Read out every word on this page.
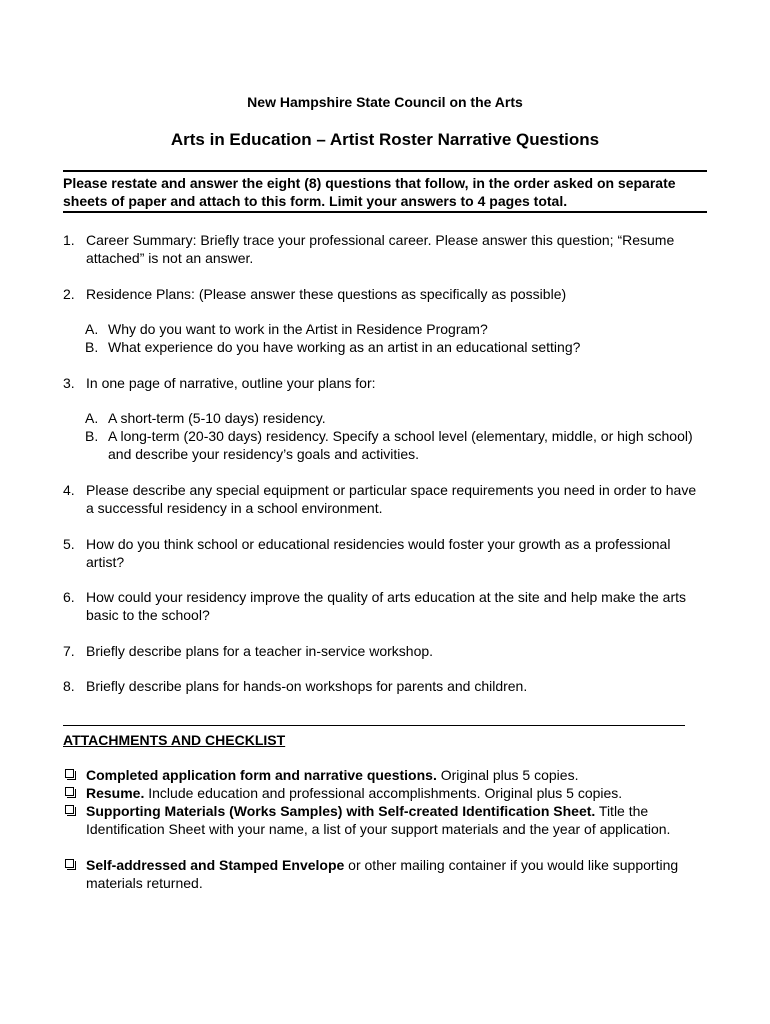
New Hampshire State Council on the Arts
Arts in Education – Artist Roster Narrative Questions
Please restate and answer the eight (8) questions that follow, in the order asked on separate sheets of paper and attach to this form. Limit your answers to 4 pages total.
1. Career Summary: Briefly trace your professional career. Please answer this question; “Resume attached” is not an answer.
2. Residence Plans: (Please answer these questions as specifically as possible)
A. Why do you want to work in the Artist in Residence Program?
B. What experience do you have working as an artist in an educational setting?
3. In one page of narrative, outline your plans for:
A. A short-term (5-10 days) residency.
B. A long-term (20-30 days) residency. Specify a school level (elementary, middle, or high school) and describe your residency’s goals and activities.
4. Please describe any special equipment or particular space requirements you need in order to have a successful residency in a school environment.
5. How do you think school or educational residencies would foster your growth as a professional artist?
6. How could your residency improve the quality of arts education at the site and help make the arts basic to the school?
7. Briefly describe plans for a teacher in-service workshop.
8. Briefly describe plans for hands-on workshops for parents and children.
ATTACHMENTS AND CHECKLIST
Completed application form and narrative questions. Original plus 5 copies.
Resume. Include education and professional accomplishments. Original plus 5 copies.
Supporting Materials (Works Samples) with Self-created Identification Sheet. Title the Identification Sheet with your name, a list of your support materials and the year of application.
Self-addressed and Stamped Envelope or other mailing container if you would like supporting materials returned.
